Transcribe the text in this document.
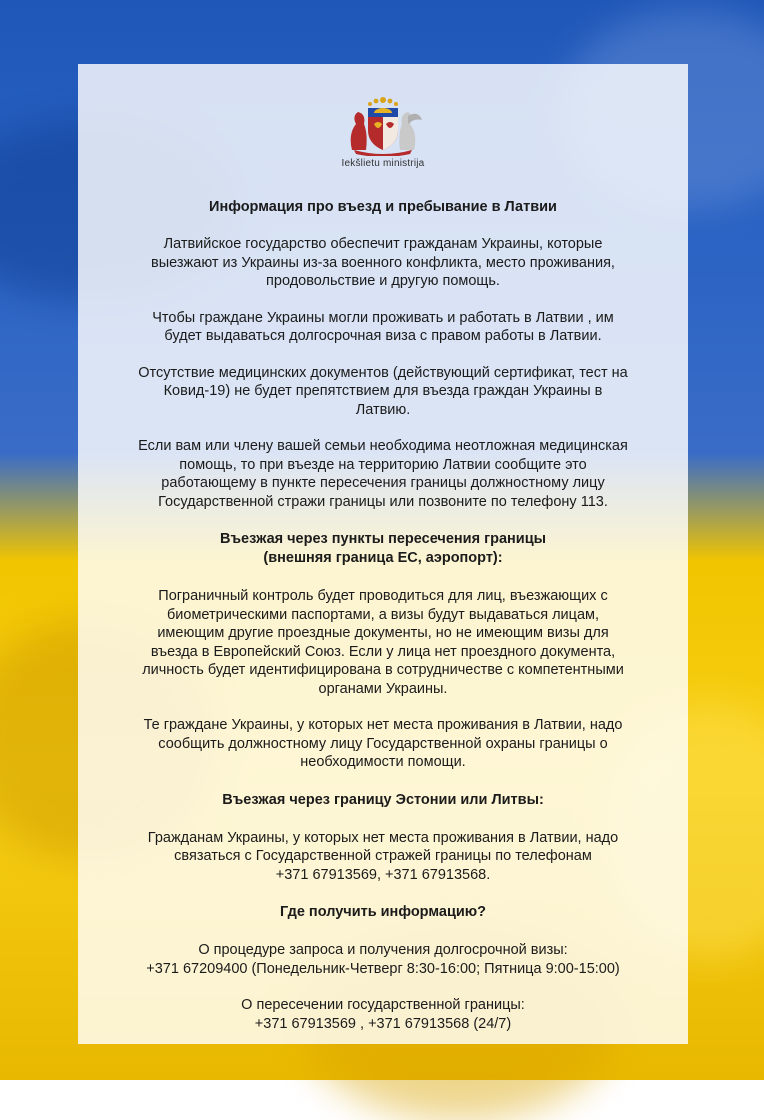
Iekšlietu ministrija

Информация про въезд и пребывание в Латвии

Латвийское государство обеспечит гражданам Украины, которые
выезжают из Украины из-за военного конфликта, место проживания,
продовольствие и другую помощь.

Чтобы граждане Украины могли проживать и работать в Латвии , им
будет выдаваться долгосрочная виза с правом работы в Латвии.

Отсутствие медицинских документов (действующий сертификат, тест на
Ковид-19) не будет препятствием для въезда граждан Украины в
Латвию.

Если вам или члену вашей семьи необходима неотложная медицинская
помощь, то при въезде на территорию Латвии сообщите это
работающему в пункте пересечения границы должностному лицу
Государственной стражи границы или позвоните по телефону 113.

Въезжая через пункты пересечения границы
(внешняя граница ЕС, аэропорт):

Пограничный контроль будет проводиться для лиц, въезжающих с
биометрическими паспортами, а визы будут выдаваться лицам,
имеющим другие проездные документы, но не имеющим визы для
въезда в Европейский Союз. Если у лица нет проездного документа,
личность будет идентифицирована в сотрудничестве с компетентными
органами Украины.

Те граждане Украины, у которых нет места проживания в Латвии, надо
сообщить должностному лицу Государственной охраны границы о
необходимости помощи.

Въезжая через границу Эстонии или Литвы:

Гражданам Украины, у которых нет места проживания в Латвии, надо
связаться с Государственной стражей границы по телефонам
+371 67913569, +371 67913568.

Где получить информацию?

О процедуре запроса и получения долгосрочной визы:
+371 67209400 (Понедельник-Четверг 8:30-16:00; Пятница 9:00-15:00)

О пересечении государственной границы:
+371 67913569 , +371 67913568 (24/7)
